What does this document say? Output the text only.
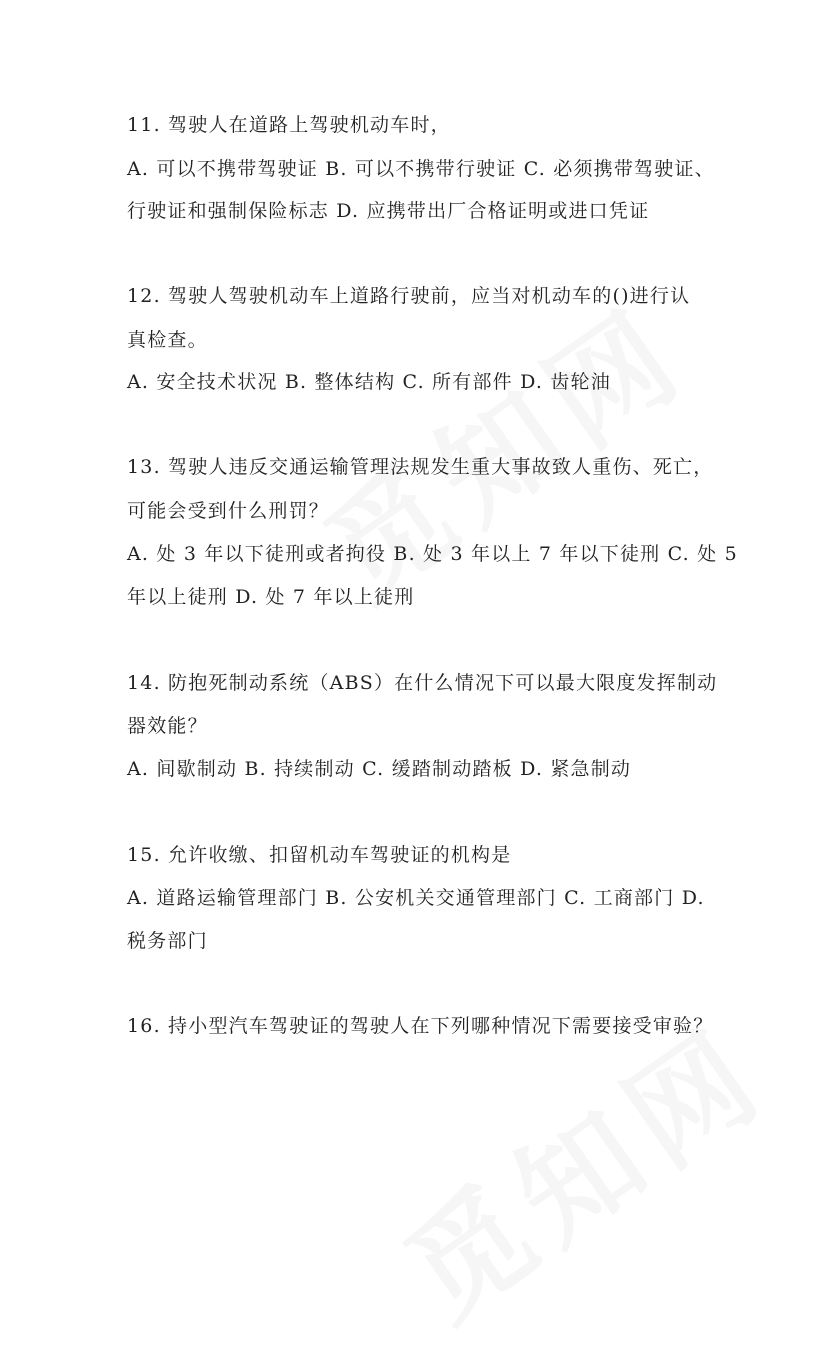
11. 驾驶人在道路上驾驶机动车时，
A. 可以不携带驾驶证 B. 可以不携带行驶证 C. 必须携带驾驶证、
行驶证和强制保险标志 D. 应携带出厂合格证明或进口凭证
12. 驾驶人驾驶机动车上道路行驶前，应当对机动车的()进行认
真检查。
A. 安全技术状况 B. 整体结构 C. 所有部件 D. 齿轮油
13. 驾驶人违反交通运输管理法规发生重大事故致人重伤、死亡，
可能会受到什么刑罚？
A. 处 3 年以下徒刑或者拘役 B. 处 3 年以上 7 年以下徒刑 C. 处 5
年以上徒刑 D. 处 7 年以上徒刑
14. 防抱死制动系统（ABS）在什么情况下可以最大限度发挥制动
器效能？
A. 间歇制动 B. 持续制动 C. 缓踏制动踏板 D. 紧急制动
15. 允许收缴、扣留机动车驾驶证的机构是
A. 道路运输管理部门 B. 公安机关交通管理部门 C. 工商部门 D.
税务部门
16. 持小型汽车驾驶证的驾驶人在下列哪种情况下需要接受审验？
